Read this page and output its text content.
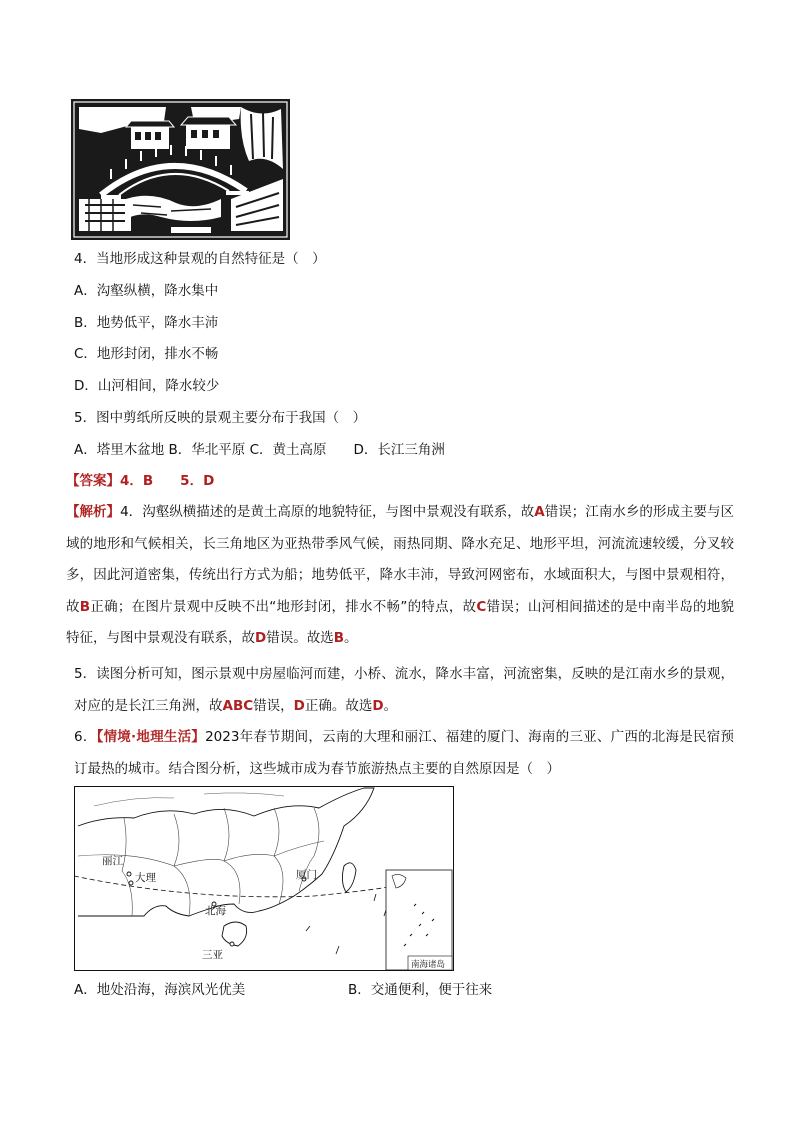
4．当地形成这种景观的自然特征是（　）
A．沟壑纵横，降水集中
B．地势低平，降水丰沛
C．地形封闭，排水不畅
D．山河相间，降水较少
5．图中剪纸所反映的景观主要分布于我国（　）
A．塔里木盆地 B．华北平原 C．黄土高原　　D．长江三角洲
【答案】4．B　　5．D
【解析】4．沟壑纵横描述的是黄土高原的地貌特征，与图中景观没有联系，故A错误；江南水乡的形成主要与区域的地形和气候相关，长三角地区为亚热带季风气候，雨热同期、降水充足、地形平坦，河流流速较缓，分叉较多，因此河道密集，传统出行方式为船；地势低平，降水丰沛，导致河网密布，水域面积大，与图中景观相符，故B正确；在图片景观中反映不出“地形封闭，排水不畅”的特点，故C错误；山河相间描述的是中南半岛的地貌特征，与图中景观没有联系，故D错误。故选B。
5．读图分析可知，图示景观中房屋临河而建，小桥、流水，降水丰富，河流密集，反映的是江南水乡的景观，对应的是长江三角洲，故ABC错误，D正确。故选D。
6．【情境·地理生活】2023年春节期间，云南的大理和丽江、福建的厦门、海南的三亚、广西的北海是民宿预订最热的城市。结合图分析，这些城市成为春节旅游热点主要的自然原因是（　）
丽江
大理	厦门
北海
三亚
南海诸岛
A．地处沿海，海滨风光优美	B．交通便利，便于往来
